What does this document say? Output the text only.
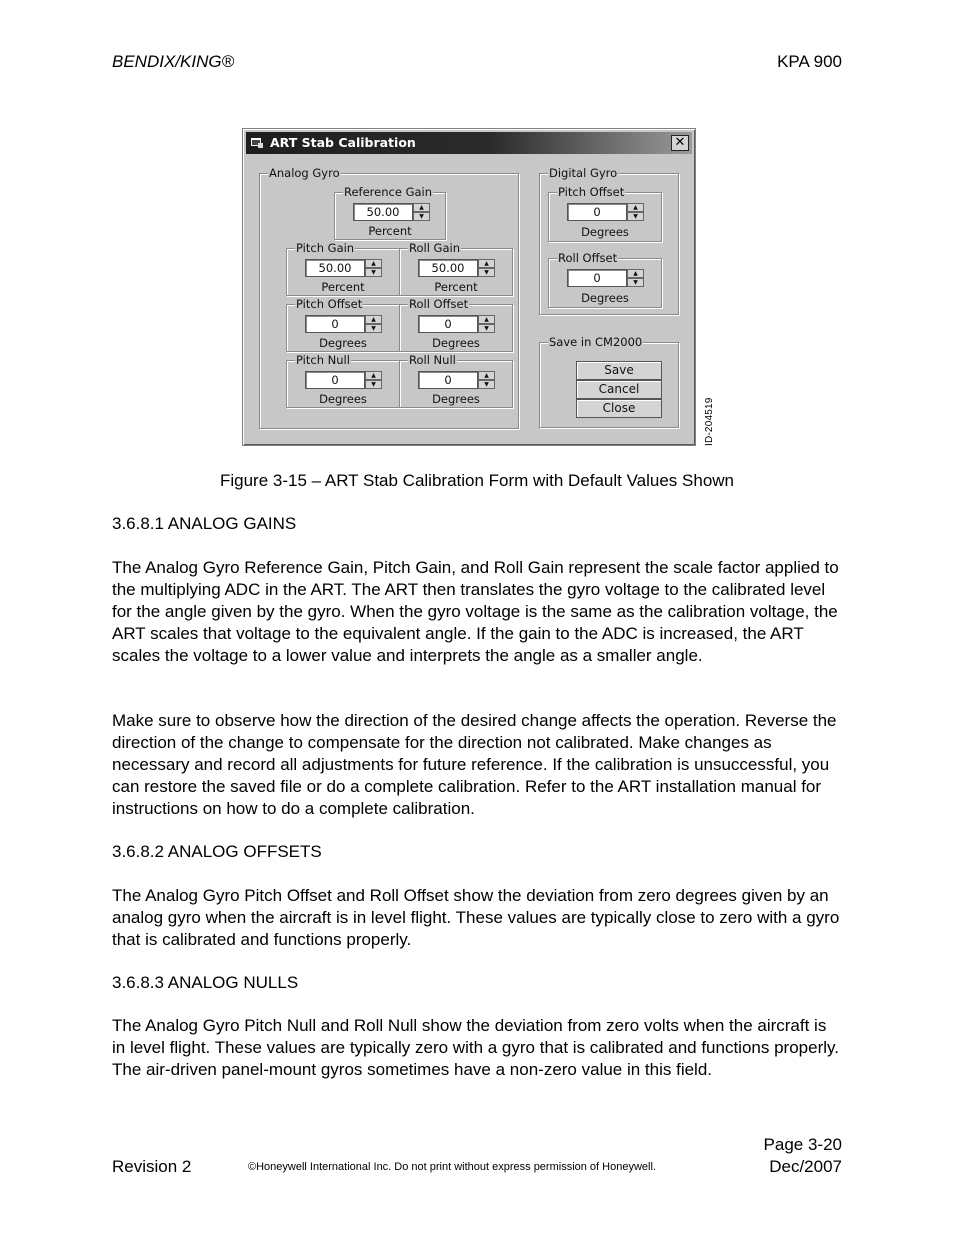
BENDIX/KING®	KPA 900
ART Stab Calibration	✕
Analog Gyro
Reference Gain
50.00	▲
▼
Percent
Pitch Gain
50.00	▲
▼
Percent
Roll Gain
50.00	▲
▼
Percent
Pitch Offset
0	▲
▼
Degrees
Roll Offset
0	▲
▼
Degrees
Pitch Null
0	▲
▼
Degrees
Roll Null
0	▲
▼
Degrees
Digital Gyro
Pitch Offset
0	▲
▼
Degrees
Roll Offset
0	▲
▼
Degrees
Save in CM2000
Save
Cancel
Close	ID-204519
Figure 3-15 – ART Stab Calibration Form with Default Values Shown
3.6.8.1 ANALOG GAINS

The Analog Gyro Reference Gain, Pitch Gain, and Roll Gain represent the scale factor applied to the multiplying ADC in the ART. The ART then translates the gyro voltage to the calibrated level for the angle given by the gyro. When the gyro voltage is the same as the calibration voltage, the ART scales that voltage to the equivalent angle. If the gain to the ADC is increased, the ART scales the voltage to a lower value and interprets the angle as a smaller angle.

Make sure to observe how the direction of the desired change affects the operation. Reverse the direction of the change to compensate for the direction not calibrated. Make changes as necessary and record all adjustments for future reference. If the calibration is unsuccessful, you can restore the saved file or do a complete calibration. Refer to the ART installation manual for instructions on how to do a complete calibration.

3.6.8.2 ANALOG OFFSETS

The Analog Gyro Pitch Offset and Roll Offset show the deviation from zero degrees given by an analog gyro when the aircraft is in level flight. These values are typically close to zero with a gyro that is calibrated and functions properly.

3.6.8.3 ANALOG NULLS

The Analog Gyro Pitch Null and Roll Null show the deviation from zero volts when the aircraft is in level flight. These values are typically zero with a gyro that is calibrated and functions properly. The air-driven panel-mount gyros sometimes have a non-zero value in this field.

Revision 2	©Honeywell International Inc. Do not print without express permission of Honeywell.
Page 3-20
Dec/2007
